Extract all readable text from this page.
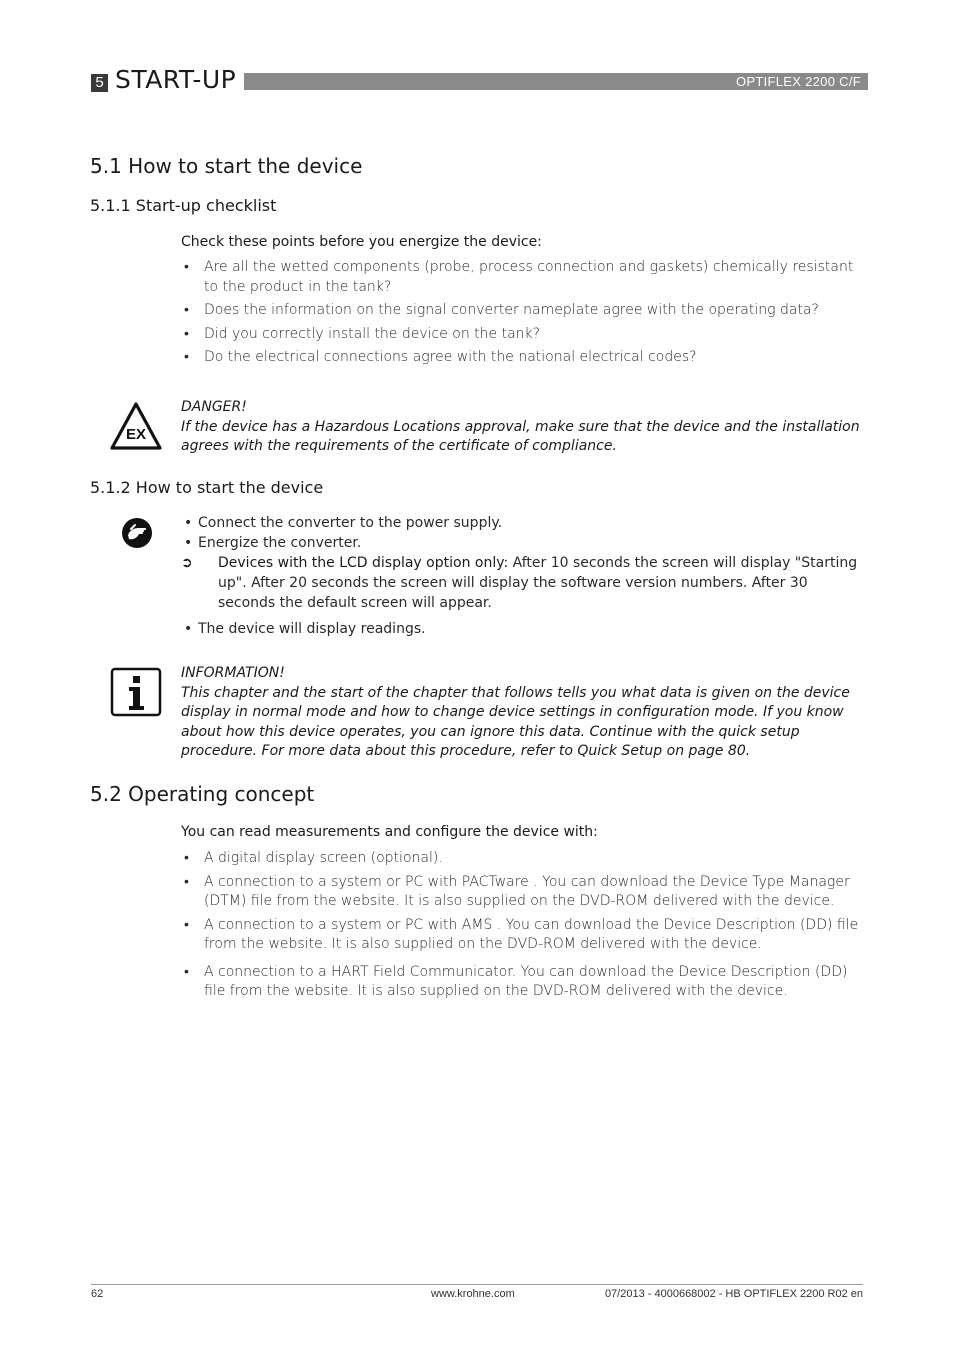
5 START-UP	OPTIFLEX 2200 C/F
5.1 How to start the device
5.1.1 Start-up checklist
Check these points before you energize the device:
• Are all the wetted components (probe, process connection and gaskets) chemically resistant to the product in the tank?
• Does the information on the signal converter nameplate agree with the operating data?
• Did you correctly install the device on the tank?
• Do the electrical connections agree with the national electrical codes?
EX
DANGER!
If the device has a Hazardous Locations approval, make sure that the device and the installation agrees with the requirements of the certificate of compliance.
5.1.2 How to start the device
• Connect the converter to the power supply.
• Energize the converter.
➲ Devices with the LCD display option only: After 10 seconds the screen will display "Starting up". After 20 seconds the screen will display the software version numbers. After 30 seconds the default screen will appear.
• The device will display readings.
INFORMATION!
This chapter and the start of the chapter that follows tells you what data is given on the device display in normal mode and how to change device settings in configuration mode. If you know about how this device operates, you can ignore this data. Continue with the quick setup procedure. For more data about this procedure, refer to Quick Setup on page 80.
5.2 Operating concept
You can read measurements and configure the device with:
• A digital display screen (optional).
• A connection to a system or PC with PACTware . You can download the Device Type Manager (DTM) file from the website. It is also supplied on the DVD-ROM delivered with the device.
• A connection to a system or PC with AMS . You can download the Device Description (DD) file from the website. It is also supplied on the DVD-ROM delivered with the device.
• A connection to a HART Field Communicator. You can download the Device Description (DD) file from the website. It is also supplied on the DVD-ROM delivered with the device.
62	www.krohne.com	07/2013 - 4000668002 - HB OPTIFLEX 2200 R02 en
